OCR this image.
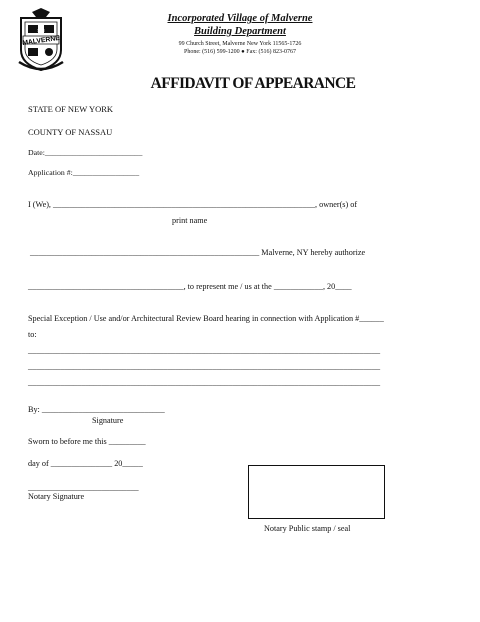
MALVERNE
1921
Incorporated Village of Malverne
Building Department
99 Church Street, Malverne New York 11565-1726
Phone: (516) 599-1200 ● Fax: (516) 823-0767
AFFIDAVIT OF APPEARANCE
STATE OF NEW YORK
COUNTY OF NASSAU
Date:_________________________
Application #:_________________
I (We), ________________________________________________________________, owner(s) of
print name
________________________________________________________ Malverne, NY hereby authorize
______________________________________, to represent me / us at the ____________, 20____
Special Exception / Use and/or Architectural Review Board hearing in connection with Application #______
to:
______________________________________________________________________________________
______________________________________________________________________________________
______________________________________________________________________________________
By: ______________________________
Signature
Sworn to before me this _________
day of _______________ 20_____
___________________________
Notary Signature
Notary Public stamp / seal
